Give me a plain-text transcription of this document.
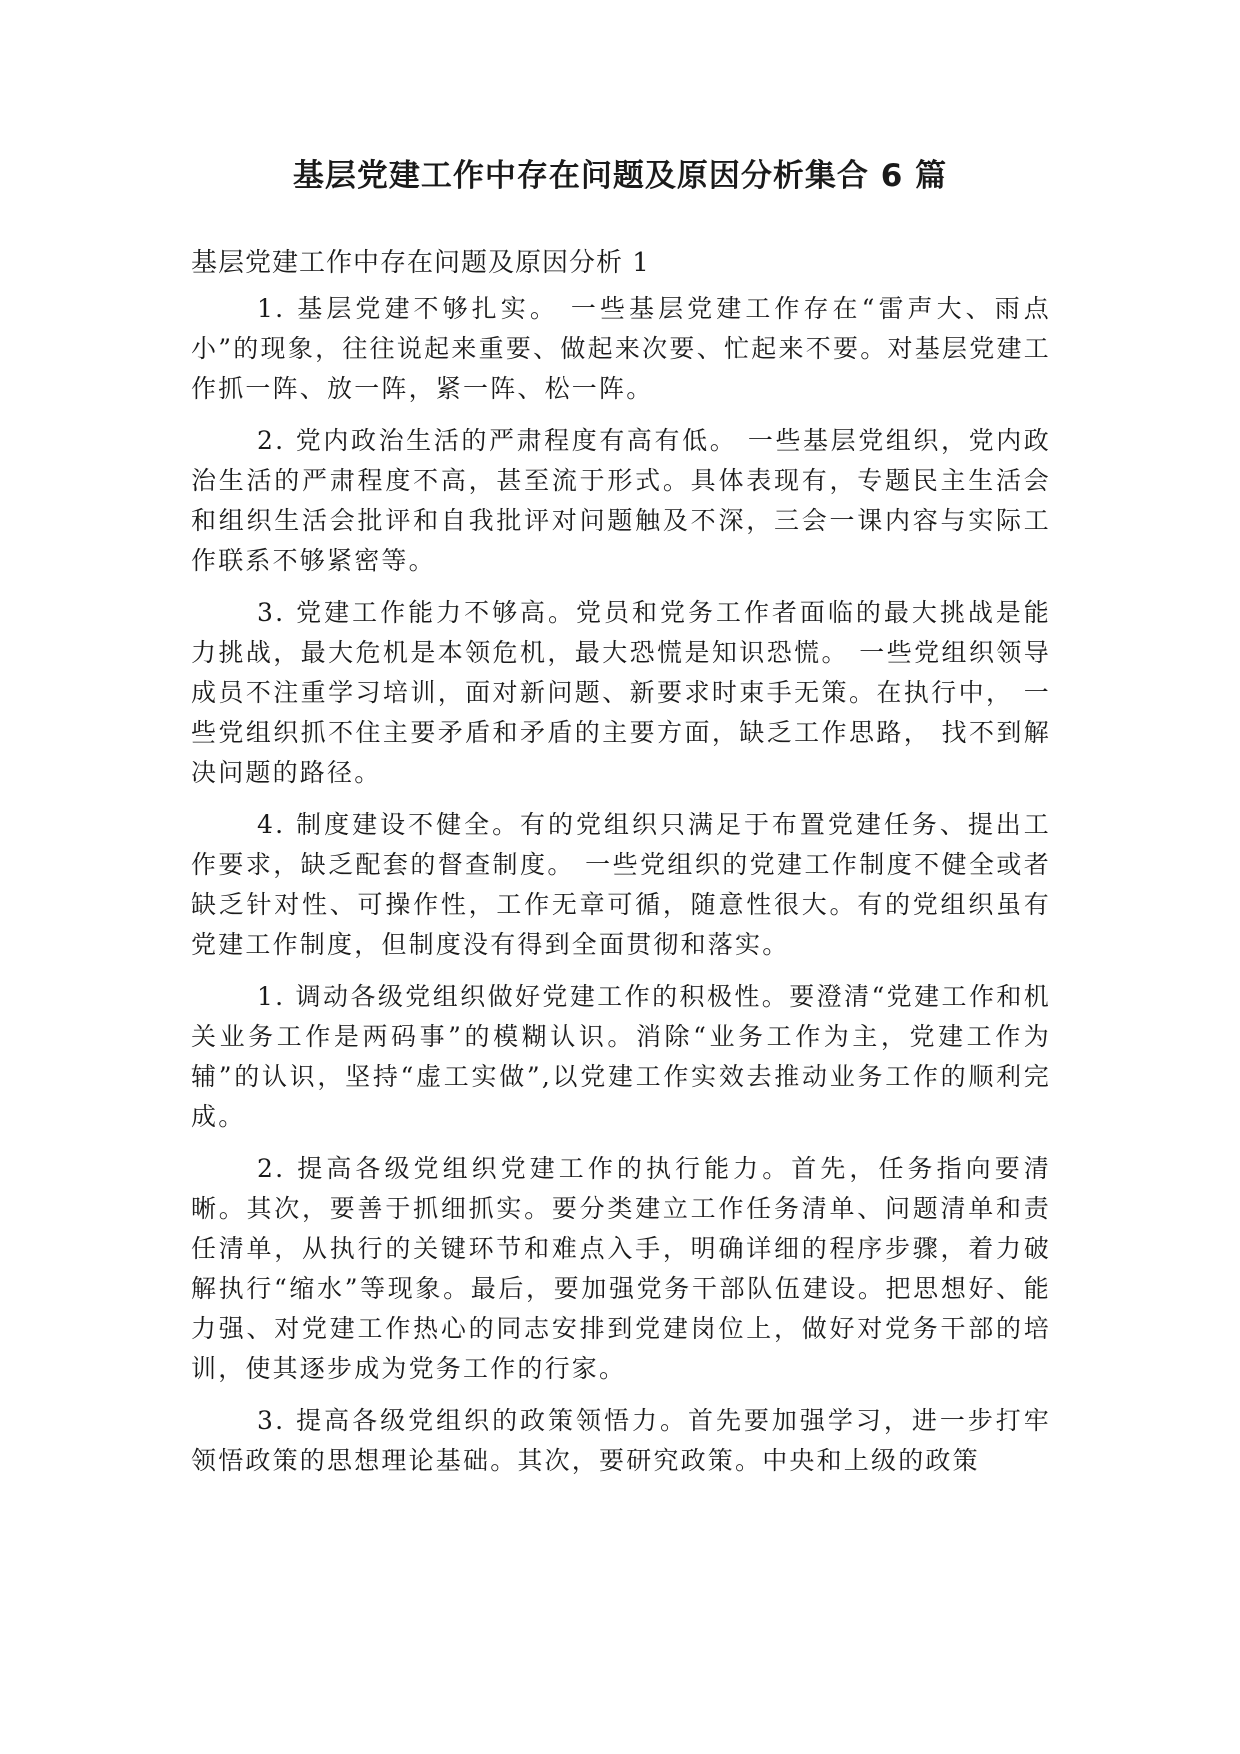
基层党建工作中存在问题及原因分析集合 6 篇
基层党建工作中存在问题及原因分析 1

1. 基层党建不够扎实。 一些基层党建工作存在“雷声大、雨点小”的现象，往往说起来重要、做起来次要、忙起来不要。对基层党建工作抓一阵、放一阵，紧一阵、松一阵。

2. 党内政治生活的严肃程度有高有低。 一些基层党组织，党内政治生活的严肃程度不高，甚至流于形式。具体表现有，专题民主生活会和组织生活会批评和自我批评对问题触及不深，三会一课内容与实际工作联系不够紧密等。

3. 党建工作能力不够高。党员和党务工作者面临的最大挑战是能力挑战，最大危机是本领危机，最大恐慌是知识恐慌。 一些党组织领导成员不注重学习培训，面对新问题、新要求时束手无策。在执行中， 一些党组织抓不住主要矛盾和矛盾的主要方面，缺乏工作思路， 找不到解决问题的路径。

4. 制度建设不健全。有的党组织只满足于布置党建任务、提出工作要求，缺乏配套的督查制度。 一些党组织的党建工作制度不健全或者缺乏针对性、可操作性，工作无章可循，随意性很大。有的党组织虽有党建工作制度，但制度没有得到全面贯彻和落实。

1. 调动各级党组织做好党建工作的积极性。要澄清“党建工作和机关业务工作是两码事”的模糊认识。消除“业务工作为主，党建工作为辅”的认识，坚持“虚工实做”,以党建工作实效去推动业务工作的顺利完成。

2. 提高各级党组织党建工作的执行能力。首先，任务指向要清晰。其次，要善于抓细抓实。要分类建立工作任务清单、问题清单和责任清单，从执行的关键环节和难点入手，明确详细的程序步骤，着力破解执行“缩水”等现象。最后，要加强党务干部队伍建设。把思想好、能力强、对党建工作热心的同志安排到党建岗位上，做好对党务干部的培训，使其逐步成为党务工作的行家。

3. 提高各级党组织的政策领悟力。首先要加强学习，进一步打牢领悟政策的思想理论基础。其次，要研究政策。中央和上级的政策
